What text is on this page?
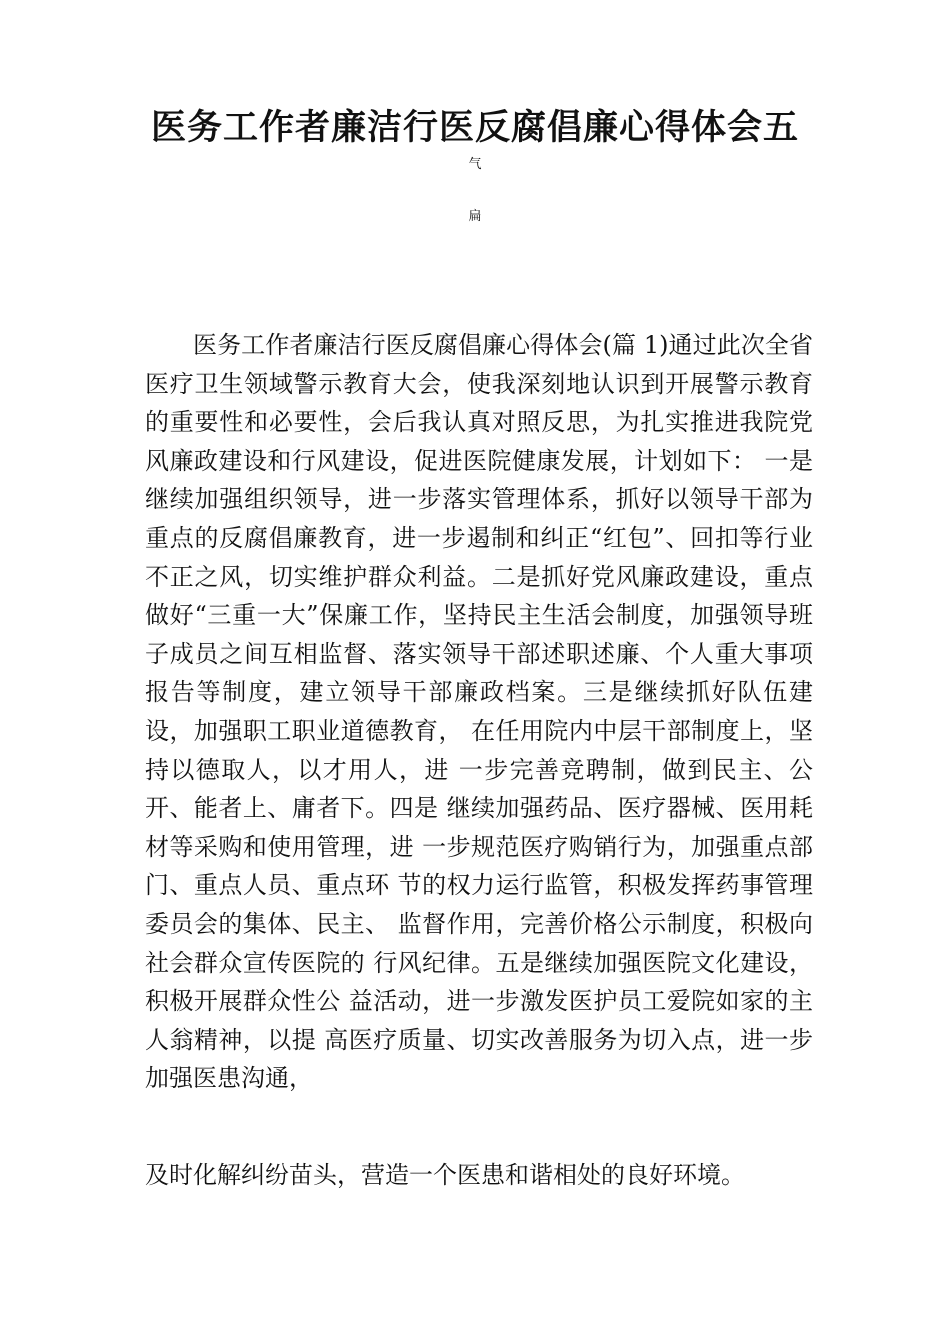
医务工作者廉洁行医反腐倡廉心得体会五

气

扁

医务工作者廉洁行医反腐倡廉心得体会(篇 1)通过此次全省医疗卫生领域警示教育大会，使我深刻地认识到开展警示教育的重要性和必要性，会后我认真对照反思，为扎实推进我院党风廉政建设和行风建设，促进医院健康发展，计划如下： 一是继续加强组织领导，进一步落实管理体系，抓好以领导干部为重点的反腐倡廉教育，进一步遏制和纠正“红包”、回扣等行业不正之风，切实维护群众利益。二是抓好党风廉政建设，重点做好“三重一大”保廉工作，坚持民主生活会制度，加强领导班子成员之间互相监督、落实领导干部述职述廉、个人重大事项报告等制度，建立领导干部廉政档案。三是继续抓好队伍建设，加强职工职业道德教育， 在任用院内中层干部制度上，坚持以德取人，以才用人，进 一步完善竞聘制，做到民主、公开、能者上、庸者下。四是 继续加强药品、医疗器械、医用耗材等采购和使用管理，进 一步规范医疗购销行为，加强重点部门、重点人员、重点环 节的权力运行监管，积极发挥药事管理委员会的集体、民主、 监督作用，完善价格公示制度，积极向社会群众宣传医院的 行风纪律。五是继续加强医院文化建设，积极开展群众性公 益活动，进一步激发医护员工爱院如家的主人翁精神，以提 高医疗质量、切实改善服务为切入点，进一步加强医患沟通，

及时化解纠纷苗头，营造一个医患和谐相处的良好环境。
